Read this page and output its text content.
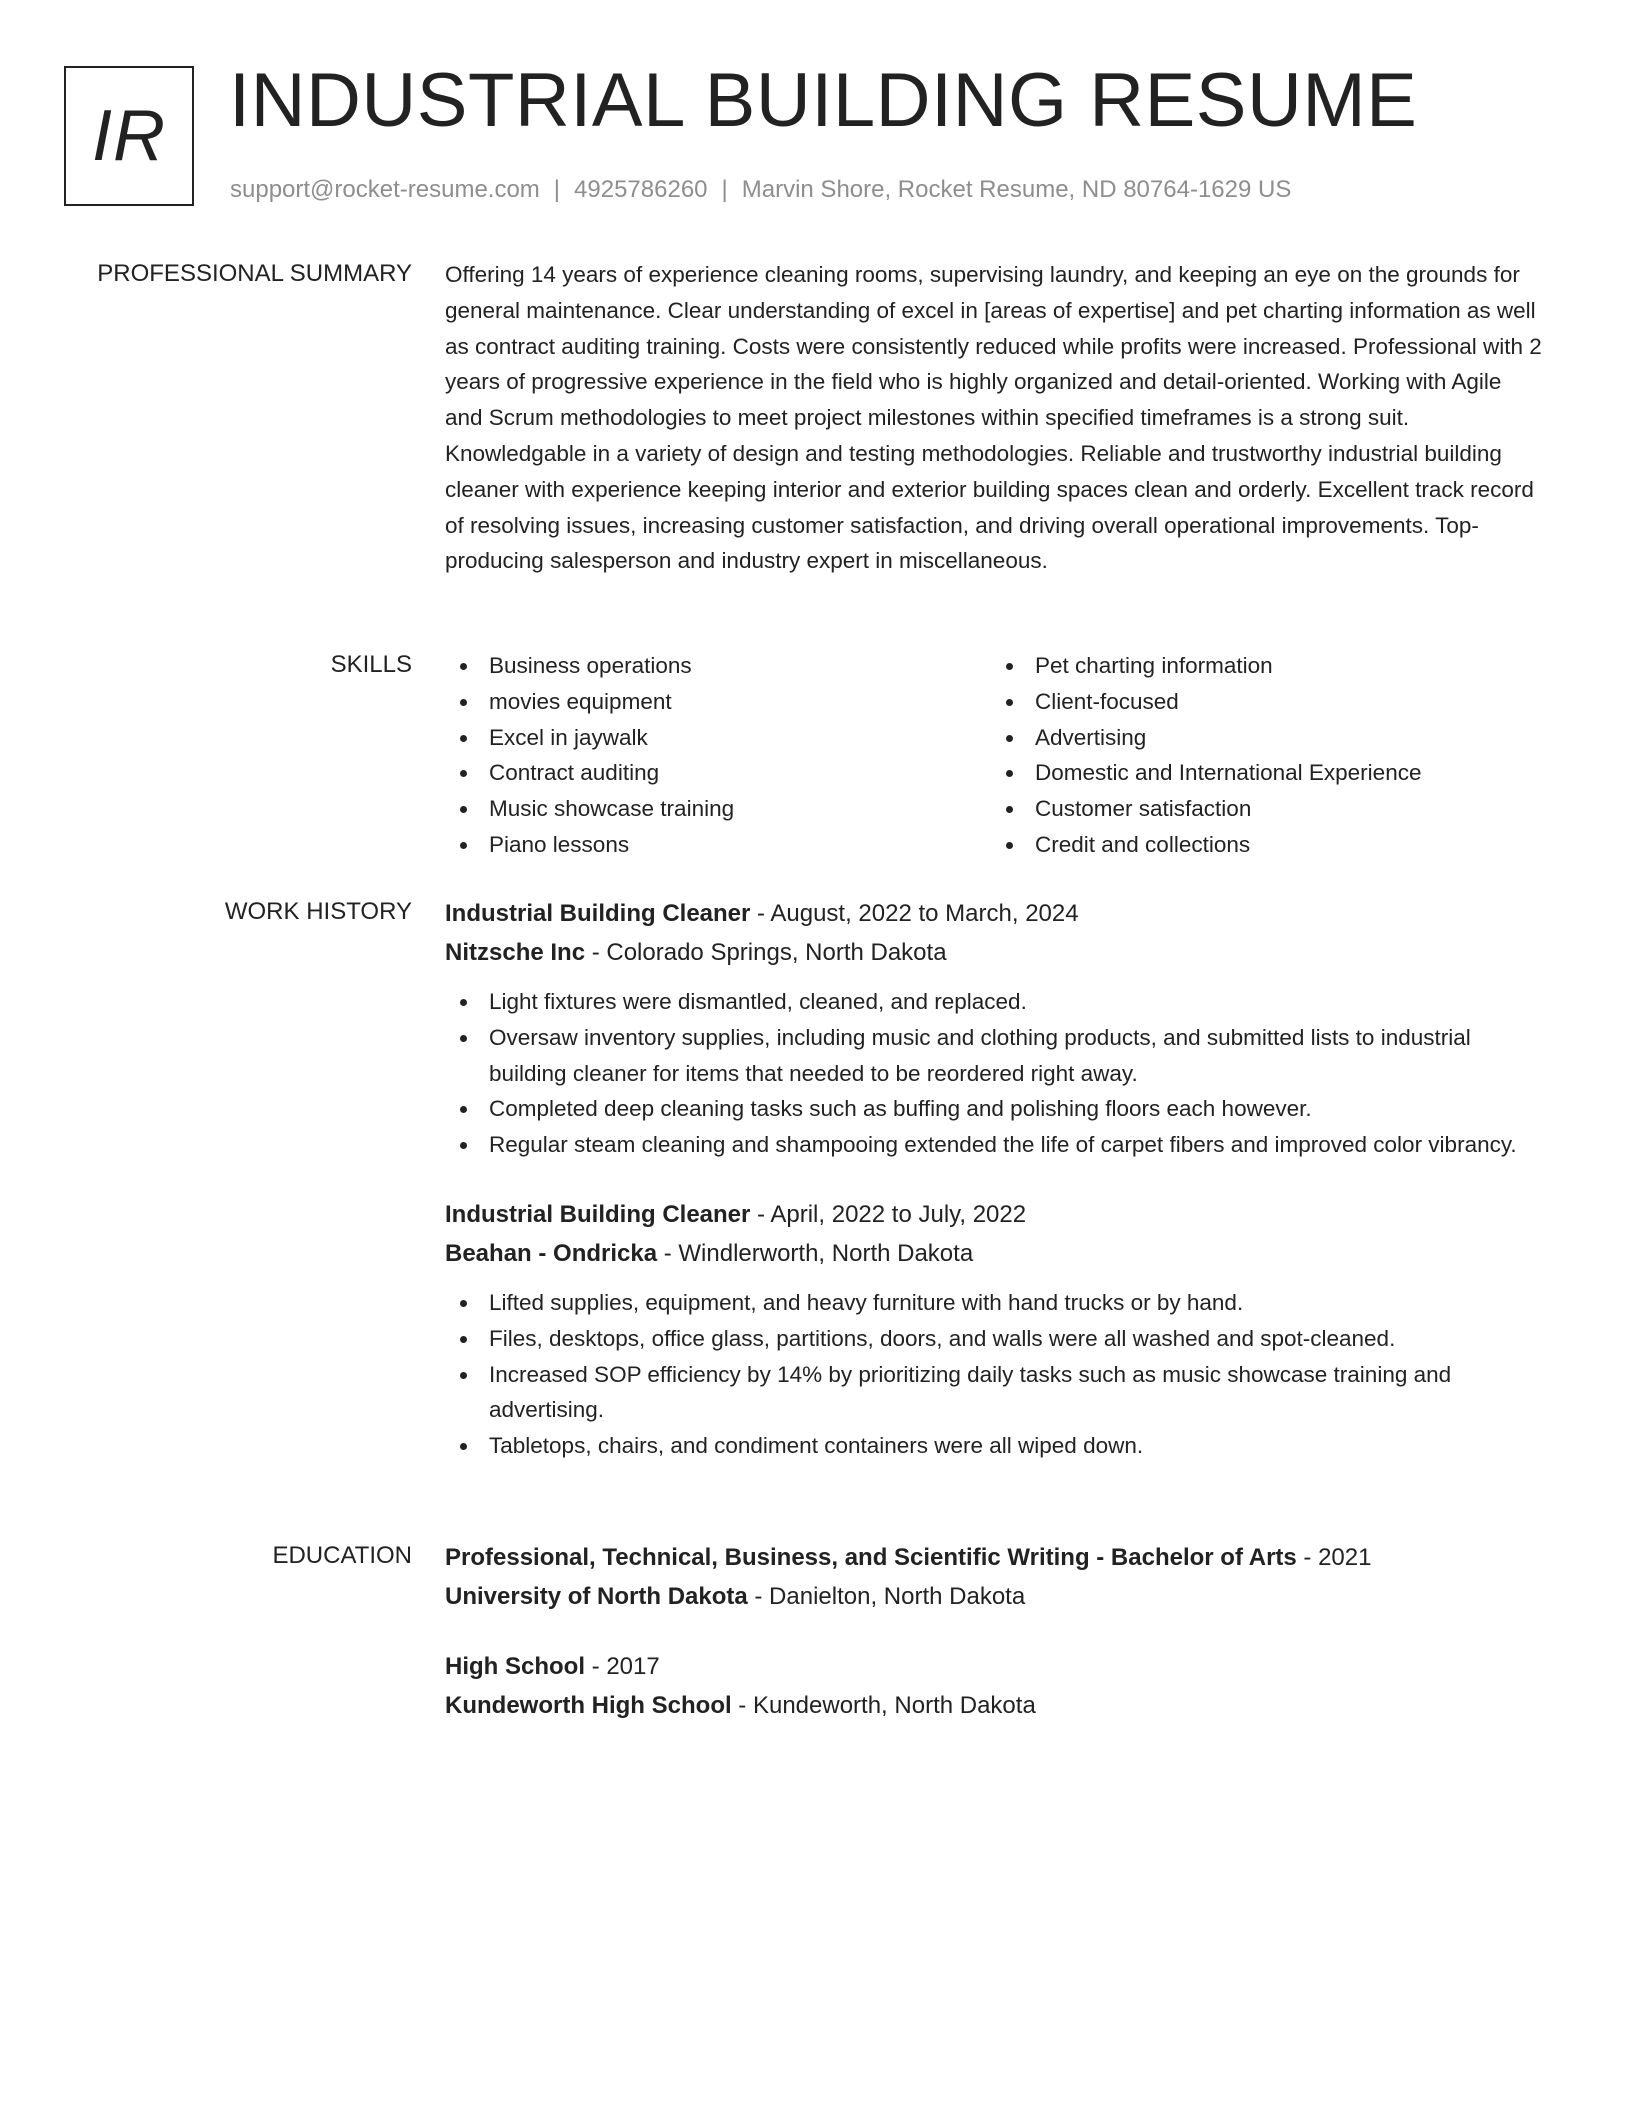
IR INDUSTRIAL BUILDING RESUME
support@rocket-resume.com | 4925786260 | Marvin Shore, Rocket Resume, ND 80764-1629 US
PROFESSIONAL SUMMARY Offering 14 years of experience cleaning rooms, supervising laundry, and keeping an eye on the grounds for general maintenance. Clear understanding of excel in [areas of expertise] and pet charting information as well as contract auditing training. Costs were consistently reduced while profits were increased. Professional with 2 years of progressive experience in the field who is highly organized and detail-oriented. Working with Agile and Scrum methodologies to meet project milestones within specified timeframes is a strong suit. Knowledgable in a variety of design and testing methodologies. Reliable and trustworthy industrial building cleaner with experience keeping interior and exterior building spaces clean and orderly. Excellent track record of resolving issues, increasing customer satisfaction, and driving overall operational improvements. Top-producing salesperson and industry expert in miscellaneous.

SKILLS	Business operations
movies equipment
Excel in jaywalk
Contract auditing
Music showcase training
Piano lessons
Pet charting information
Client-focused
Advertising
Domestic and International Experience
Customer satisfaction
Credit and collections
WORK HISTORY Industrial Building Cleaner - August, 2022 to March, 2024
Nitzsche Inc - Colorado Springs, North Dakota
Light fixtures were dismantled, cleaned, and replaced.
Oversaw inventory supplies, including music and clothing products, and submitted lists to industrial building cleaner for items that needed to be reordered right away.
Completed deep cleaning tasks such as buffing and polishing floors each however.
Regular steam cleaning and shampooing extended the life of carpet fibers and improved color vibrancy.
Industrial Building Cleaner - April, 2022 to July, 2022
Beahan - Ondricka - Windlerworth, North Dakota
Lifted supplies, equipment, and heavy furniture with hand trucks or by hand.
Files, desktops, office glass, partitions, doors, and walls were all washed and spot-cleaned.
Increased SOP efficiency by 14% by prioritizing daily tasks such as music showcase training and advertising.
Tabletops, chairs, and condiment containers were all wiped down.
EDUCATION Professional, Technical, Business, and Scientific Writing - Bachelor of Arts - 2021
University of North Dakota - Danielton, North Dakota
High School - 2017
Kundeworth High School - Kundeworth, North Dakota
